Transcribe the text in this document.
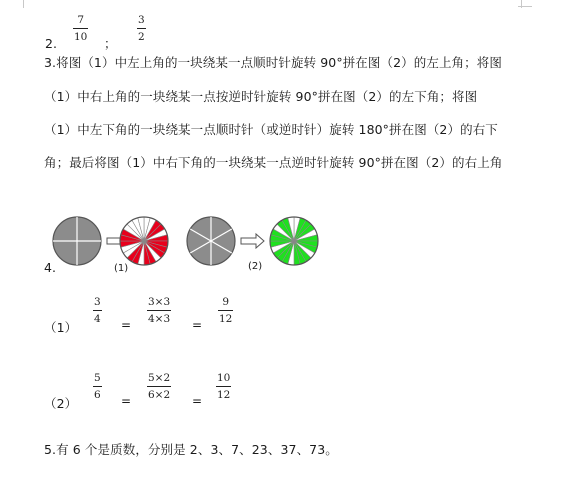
2.
7
10 ；
3
2
3.将图（1）中左上角的一块绕某一点顺时针旋转 90°拼在图（2）的左上角；将图
（1）中右上角的一块绕某一点按逆时针旋转 90°拼在图（2）的左下角；将图
（1）中左下角的一块绕某一点顺时针（或逆时针）旋转 180°拼在图（2）的右下
角；最后将图（1）中右下角的一块绕某一点逆时针旋转 90°拼在图（2）的右上角
4.	(1)	(2)
（1）
3
4 =
3×3
4×3 =
9
12
（2）
5
6 =
5×2
6×2 =
10
12
5.有 6 个是质数，分别是 2、3、7、23、37、73。
